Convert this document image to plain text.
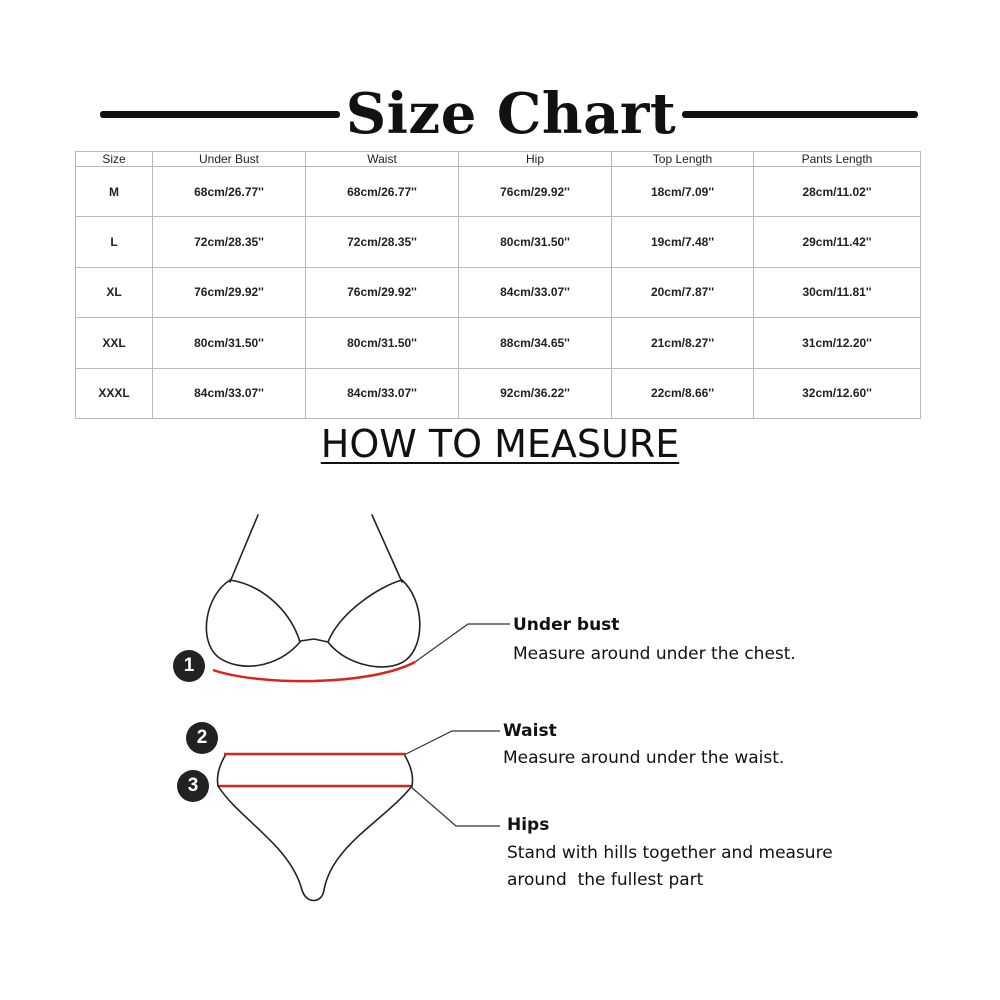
Size Chart
Size	Under Bust	Waist	Hip	Top Length	Pants Length
M	68cm/26.77''	68cm/26.77''	76cm/29.92''	18cm/7.09''	28cm/11.02''
L	72cm/28.35''	72cm/28.35''	80cm/31.50''	19cm/7.48''	29cm/11.42''
XL	76cm/29.92''	76cm/29.92''	84cm/33.07''	20cm/7.87''	30cm/11.81''
XXL	80cm/31.50''	80cm/31.50''	88cm/34.65''	21cm/8.27''	31cm/12.20''
XXXL	84cm/33.07''	84cm/33.07''	92cm/36.22''	22cm/8.66''	32cm/12.60''
HOW TO MEASURE
1
2
3
Under bust
Measure around under the chest.
Waist
Measure around under the waist.
Hips
Stand with hills together and measure
around  the fullest part
